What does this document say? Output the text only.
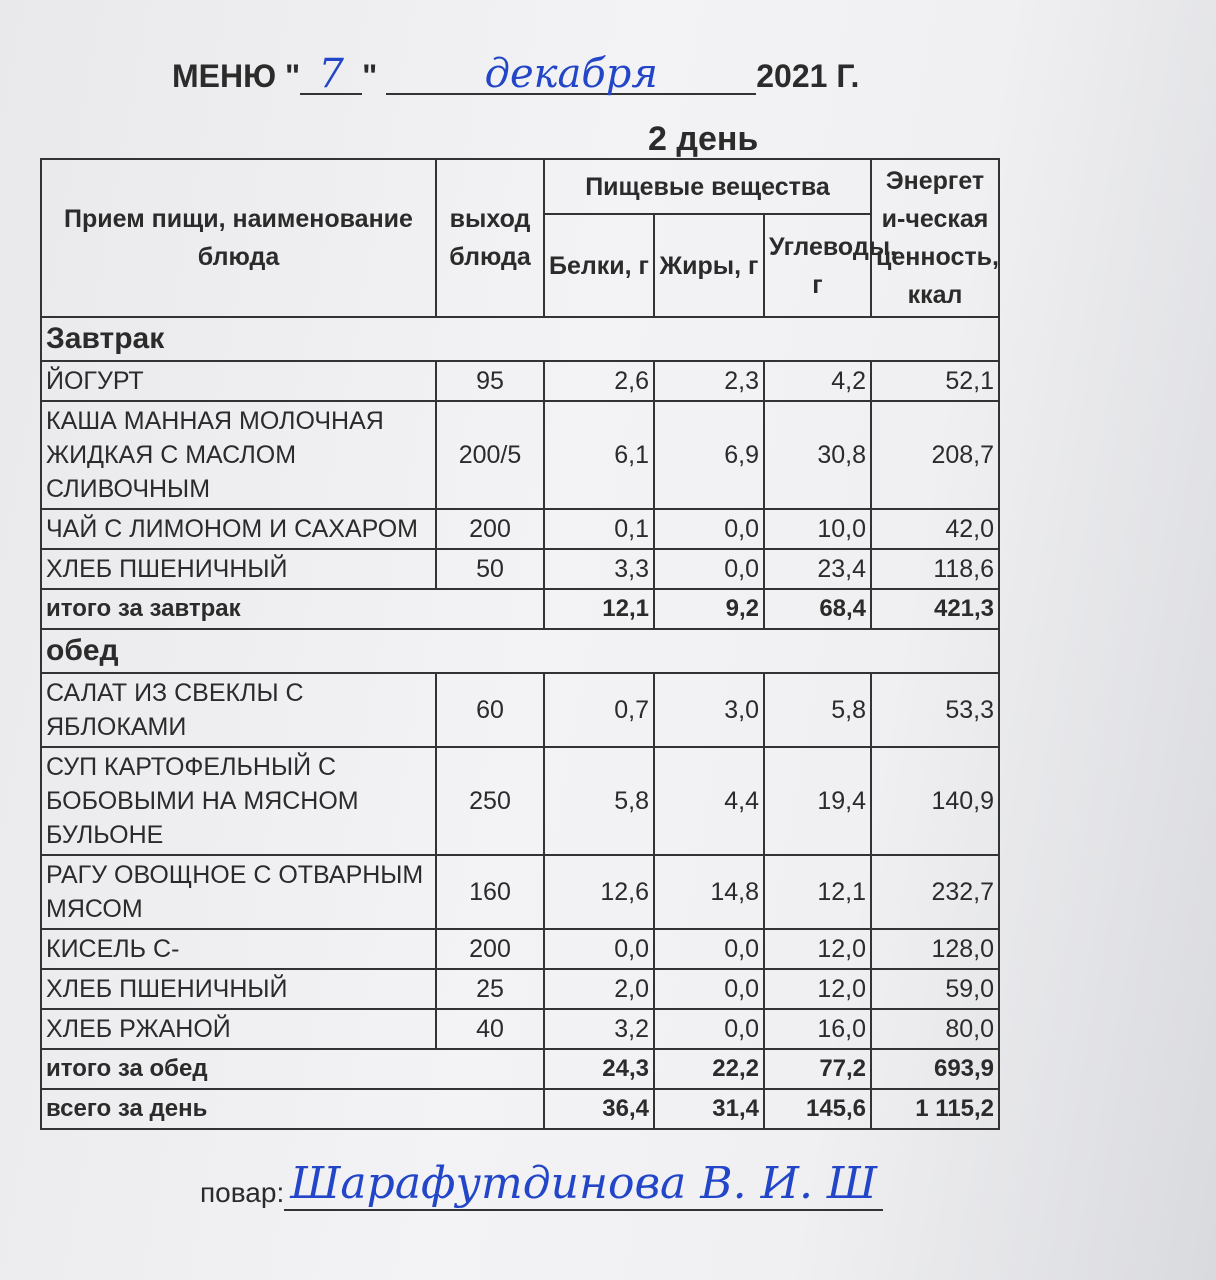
МЕНЮ " 7 "	декабря	2021 Г.
2 день
Прием пищи, наименование блюда	выход блюда	Пищевые вещества			Энергет и-ческая ценность, ккал
		Белки, г	Жиры, г	Углеводы, г	
Завтрак					
ЙОГУРТ	95	2,6	2,3	4,2	52,1
КАША МАННАЯ МОЛОЧНАЯ ЖИДКАЯ С МАСЛОМ СЛИВОЧНЫМ	200/5	6,1	6,9	30,8	208,7
ЧАЙ С ЛИМОНОМ И САХАРОМ	200	0,1	0,0	10,0	42,0
ХЛЕБ ПШЕНИЧНЫЙ	50	3,3	0,0	23,4	118,6
итого за завтрак		12,1	9,2	68,4	421,3
обед					
САЛАТ ИЗ СВЕКЛЫ С ЯБЛОКАМИ	60	0,7	3,0	5,8	53,3
СУП КАРТОФЕЛЬНЫЙ С БОБОВЫМИ НА МЯСНОМ БУЛЬОНЕ	250	5,8	4,4	19,4	140,9
РАГУ ОВОЩНОЕ С ОТВАРНЫМ МЯСОМ	160	12,6	14,8	12,1	232,7
КИСЕЛЬ С-	200	0,0	0,0	12,0	128,0
ХЛЕБ ПШЕНИЧНЫЙ	25	2,0	0,0	12,0	59,0
ХЛЕБ РЖАНОЙ	40	3,2	0,0	16,0	80,0
итого за обед		24,3	22,2	77,2	693,9
всего за день		36,4	31,4	145,6	1 115,2
повар: Шарафутдинова В. И. Ш
